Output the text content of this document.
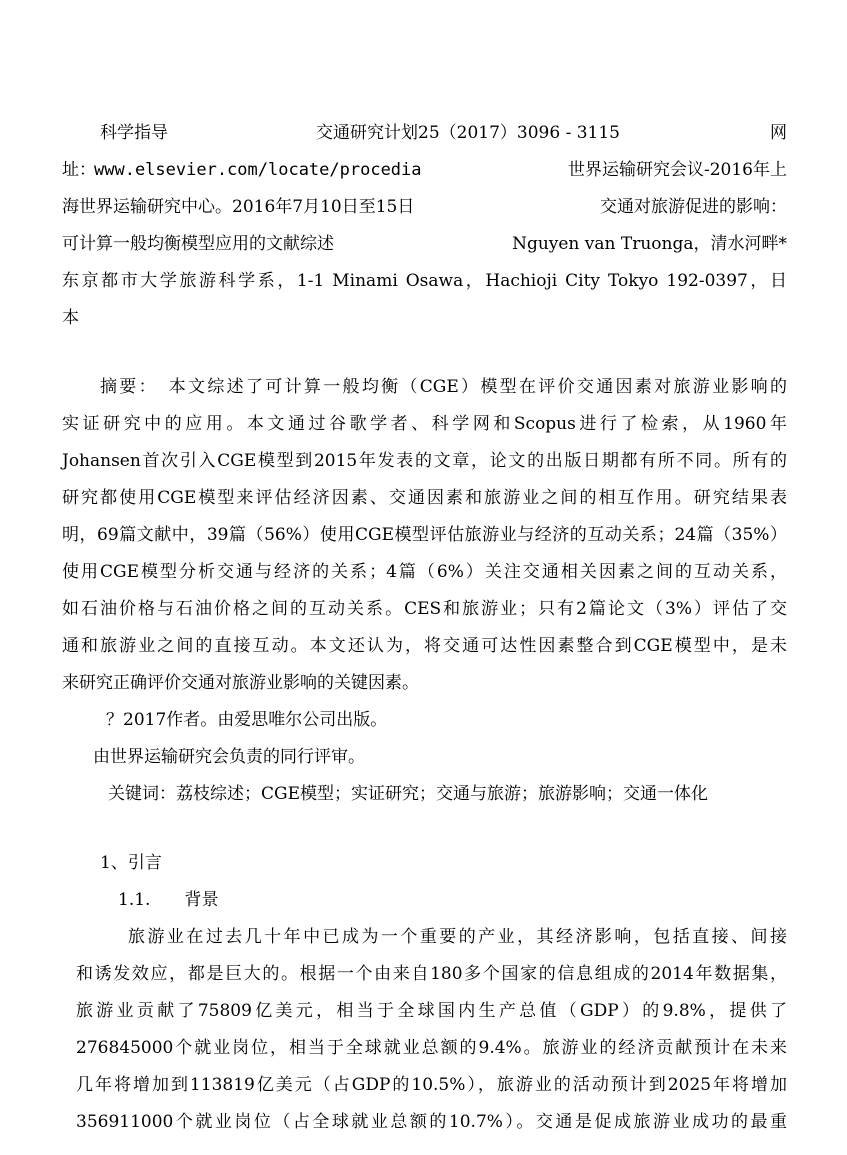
科学指导	交通研究计划25（2017）3096 - 3115	网
址：
www.elsevier.com/locate/procedia	世界运输研究会议-2016年上
海世界运输研究中心。2016年7月10日至15日	交通对旅游促进的影响：
可计算一般均衡模型应用的文献综述	Nguyen van Truonga，清水河畔*
东京都市大学旅游科学系，1-1 Minami Osawa，Hachioji City Tokyo 192-0397，日
本
摘要：　本文综述了可计算一般均衡（CGE）模型在评价交通因素对旅游业影响的
实证研究中的应用。本文通过谷歌学者、科学网和Scopus进行了检索，从1960年
Johansen首次引入CGE模型到2015年发表的文章，论文的出版日期都有所不同。所有的
研究都使用CGE模型来评估经济因素、交通因素和旅游业之间的相互作用。研究结果表
明，69篇文献中，39篇（56%）使用CGE模型评估旅游业与经济的互动关系；24篇（35%）
使用CGE模型分析交通与经济的关系；4篇（6%）关注交通相关因素之间的互动关系，
如石油价格与石油价格之间的互动关系。CES和旅游业；只有2篇论文（3%）评估了交
通和旅游业之间的直接互动。本文还认为，将交通可达性因素整合到CGE模型中，是未
来研究正确评价交通对旅游业影响的关键因素。
？2017作者。由爱思唯尔公司出版。
由世界运输研究会负责的同行评审。
关键词：荔枝综述；CGE模型；实证研究；交通与旅游；旅游影响；交通一体化
1、引言
1.1.　　背景
旅游业在过去几十年中已成为一个重要的产业，其经济影响，包括直接、间接
和诱发效应，都是巨大的。根据一个由来自180多个国家的信息组成的2014年数据集，
旅游业贡献了75809亿美元，相当于全球国内生产总值（GDP）的9.8%，提供了
276845000个就业岗位，相当于全球就业总额的9.4%。旅游业的经济贡献预计在未来
几年将增加到113819亿美元（占GDP的10.5%），旅游业的活动预计到2025年将增加
356911000个就业岗位（占全球就业总额的10.7%）。交通是促成旅游业成功的最重
